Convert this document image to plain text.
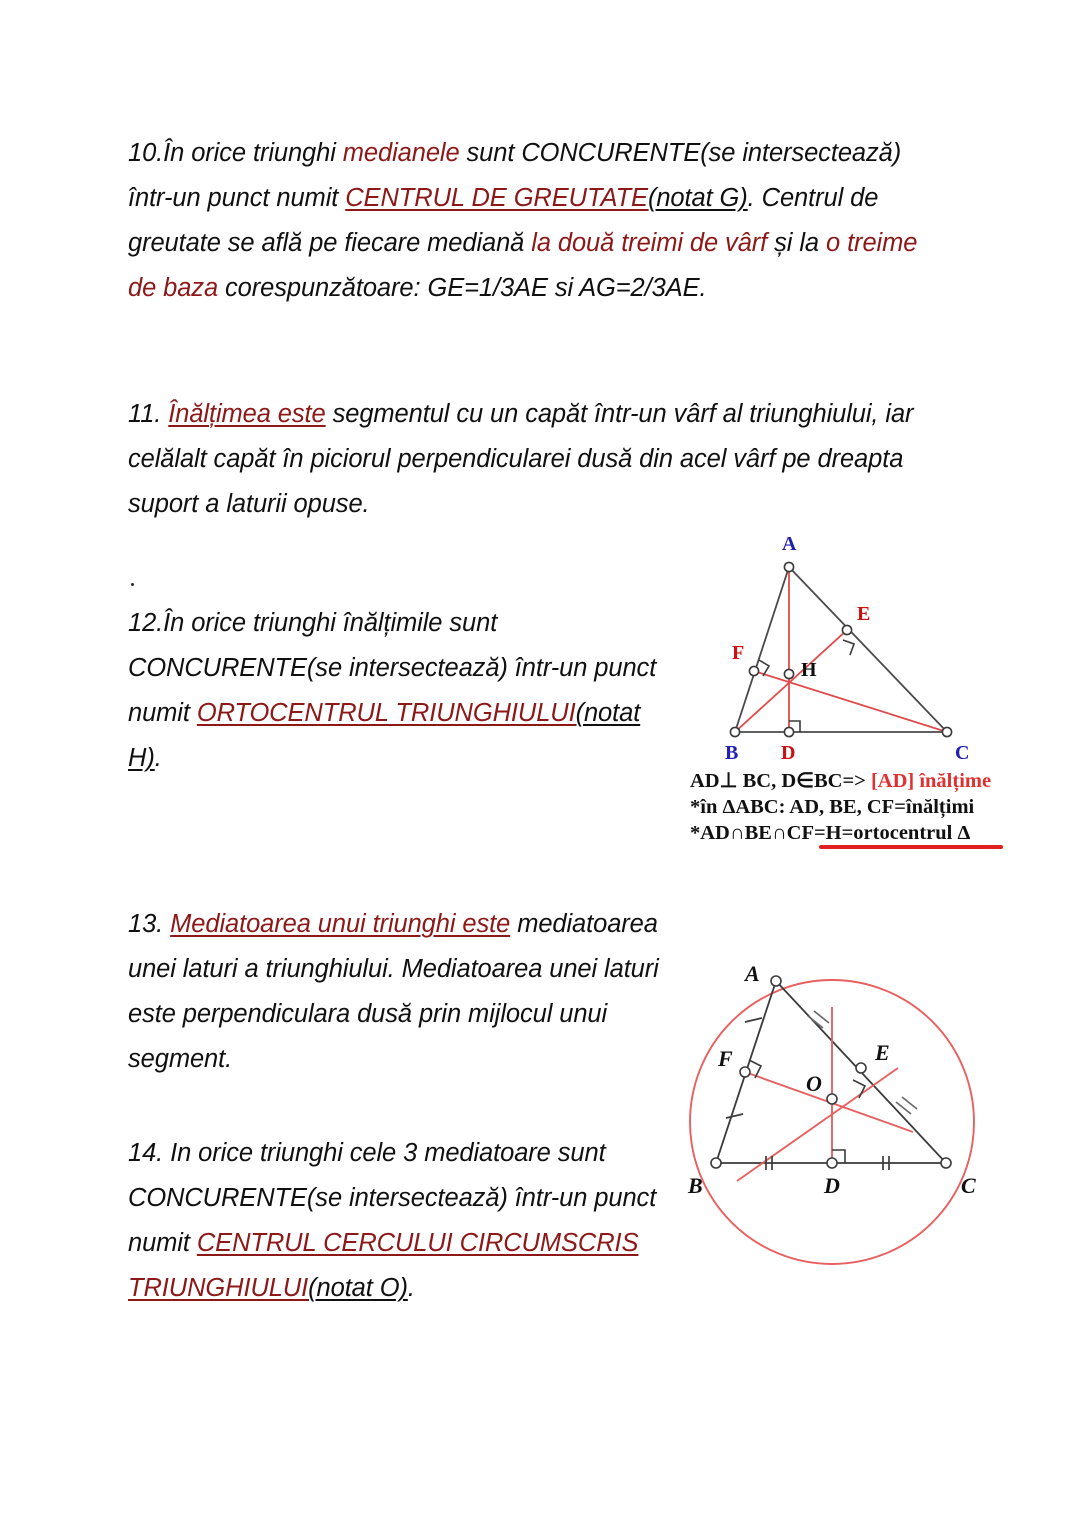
10.În orice triunghi medianele sunt CONCURENTE(se intersectează) într-un punct numit CENTRUL DE GREUTATE(notat G). Centrul de greutate se află pe fiecare mediană la două treimi de vârf și la o treime de baza corespunzătoare: GE=1/3AE si AG=2/3AE.
11. Înălțimea este segmentul cu un capăt într-un vârf al triunghiului, iar celălalt capăt în piciorul perpendicularei dusă din acel vârf pe dreapta suport a laturii opuse.
12.În orice triunghi înălțimile sunt CONCURENTE(se intersectează) într-un punct numit ORTOCENTRUL TRIUNGHIULUI(notat H).
A
B	C
D
E
F
H
AD⊥ BC, D∈BC=> [AD] înălțime
*în ΔABC: AD, BE, CF=înălțimi
*AD∩BE∩CF=H=ortocentrul Δ
13. Mediatoarea unui triunghi este mediatoarea unei laturi a triunghiului. Mediatoarea unei laturi este perpendiculara dusă prin mijlocul unui segment.
14. In orice triunghi cele 3 mediatoare sunt CONCURENTE(se intersectează) într-un punct numit CENTRUL CERCULUI CIRCUMSCRIS TRIUNGHIULUI(notat O).
A
B	C
D
E
F
O
